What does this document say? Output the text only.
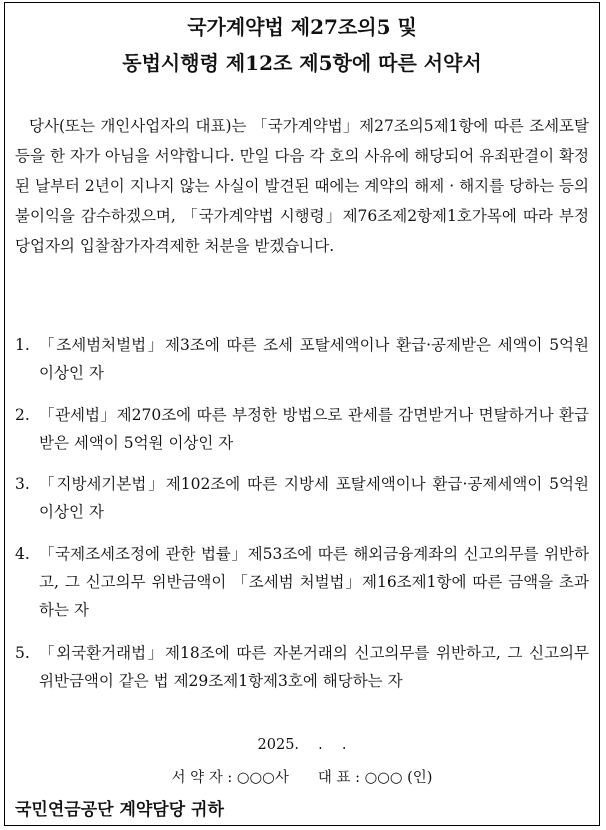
국가계약법 제27조의5 및

동법시행령 제12조 제5항에 따른 서약서

당사(또는 개인사업자의 대표)는 「국가계약법」제27조의5제1항에 따른 조세포탈 등을 한 자가 아님을 서약합니다. 만일 다음 각 호의 사유에 해당되어 유죄판결이 확정된 날부터 2년이 지나지 않는 사실이 발견된 때에는 계약의 해제 · 해지를 당하는 등의 불이익을 감수하겠으며, 「국가계약법 시행령」제76조제2항제1호가목에 따라 부정당업자의 입찰참가자격제한 처분을 받겠습니다.
1. 「조세범처벌법」제3조에 따른 조세 포탈세액이나 환급·공제받은 세액이 5억원 이상인 자
2. 「관세법」제270조에 따른 부정한 방법으로 관세를 감면받거나 면탈하거나 환급받은 세액이 5억원 이상인 자
3. 「지방세기본법」제102조에 따른 지방세 포탈세액이나 환급·공제세액이 5억원 이상인 자
4. 「국제조세조정에 관한 법률」제53조에 따른 해외금융계좌의 신고의무를 위반하고, 그 신고의무 위반금액이 「조세범 처벌법」제16조제1항에 따른 금액을 초과하는 자
5. 「외국환거래법」제18조에 따른 자본거래의 신고의무를 위반하고, 그 신고의무 위반금액이 같은 법 제29조제1항제3호에 해당하는 자
2025.　 .　 .
서 약 자 : ○○○사　　대 표 : ○○○ (인)
국민연금공단 계약담당 귀하
